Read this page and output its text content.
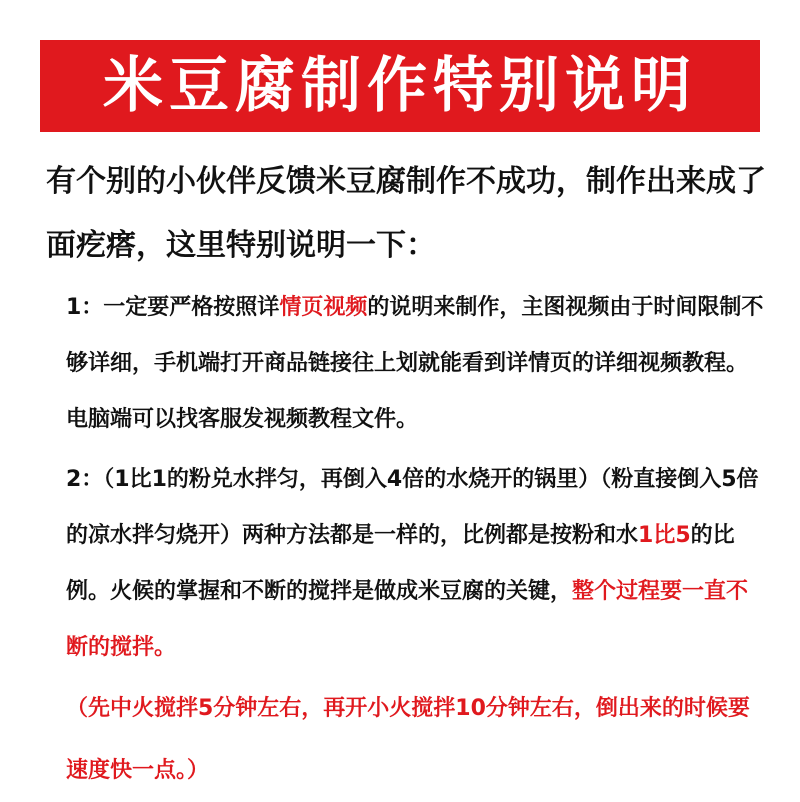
米豆腐制作特别说明
有个别的小伙伴反馈米豆腐制作不成功，制作出来成了面疙瘩，这里特别说明一下：
1：一定要严格按照详情页视频的说明来制作，主图视频由于时间限制不够详细，手机端打开商品链接往上划就能看到详情页的详细视频教程。电脑端可以找客服发视频教程文件。
2：（1比1的粉兑水拌匀，再倒入4倍的水烧开的锅里）（粉直接倒入5倍的凉水拌匀烧开）两种方法都是一样的，比例都是按粉和水1比5的比例。火候的掌握和不断的搅拌是做成米豆腐的关键，整个过程要一直不断的搅拌。
（先中火搅拌5分钟左右，再开小火搅拌10分钟左右，倒出来的时候要速度快一点。）
